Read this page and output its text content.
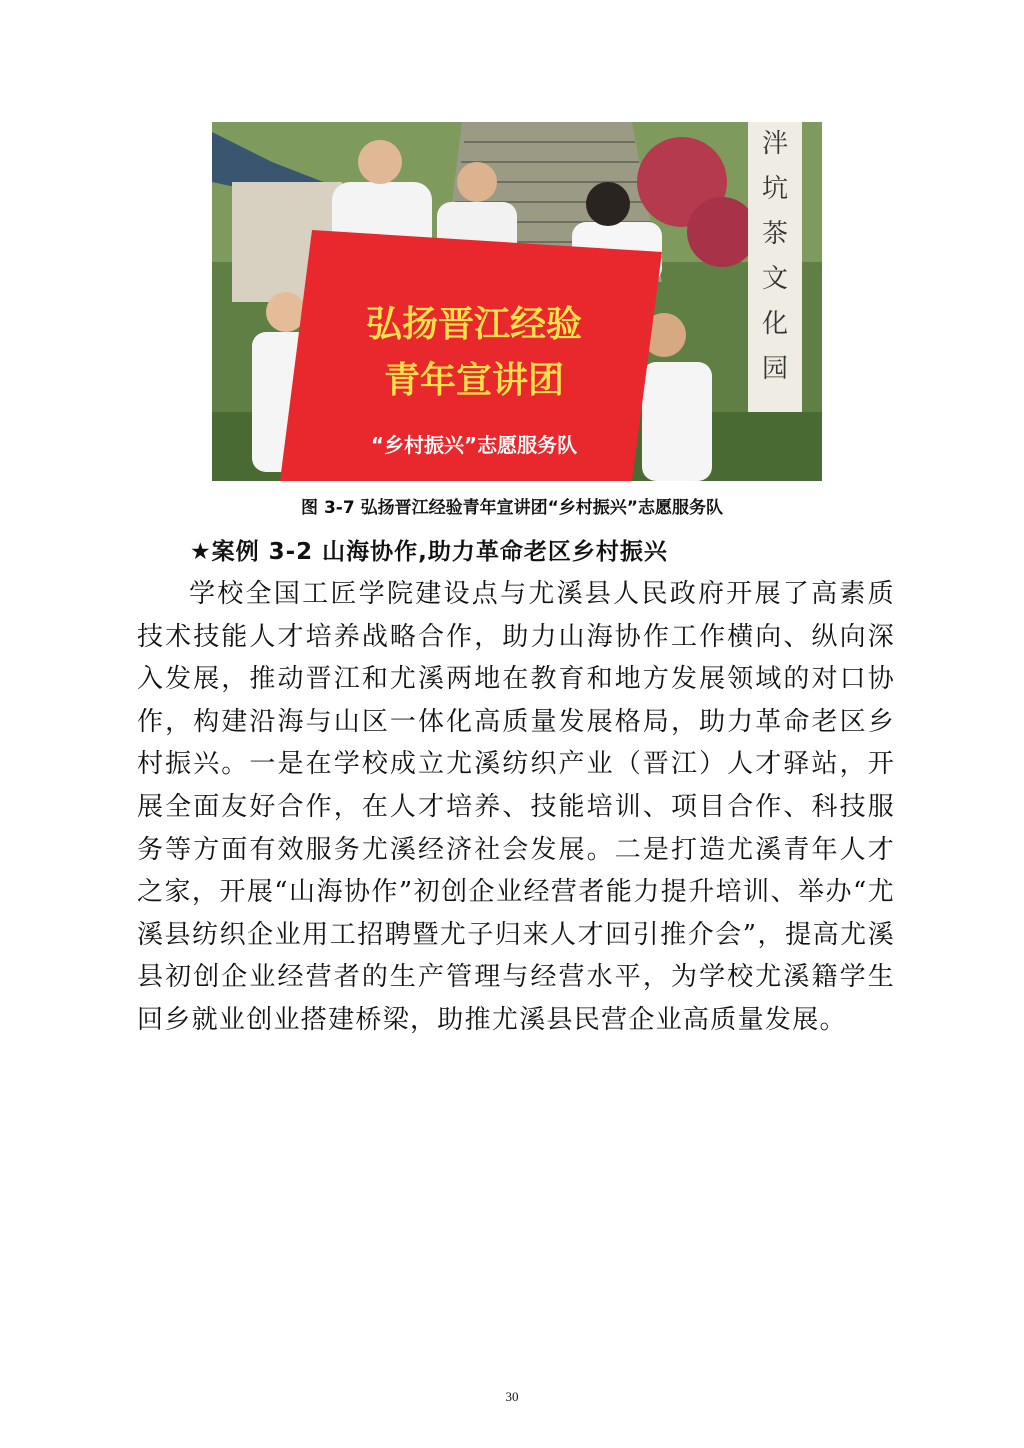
泮
坑
茶
文
化
园
弘扬晋江经验
青年宣讲团
“乡村振兴”志愿服务队
图 3-7 弘扬晋江经验青年宣讲团“乡村振兴”志愿服务队
★案例 3-2 山海协作,助力革命老区乡村振兴

学校全国工匠学院建设点与尤溪县人民政府开展了高素质技术技能人才培养战略合作，助力山海协作工作横向、纵向深入发展，推动晋江和尤溪两地在教育和地方发展领域的对口协作，构建沿海与山区一体化高质量发展格局，助力革命老区乡村振兴。一是在学校成立尤溪纺织产业（晋江）人才驿站，开展全面友好合作，在人才培养、技能培训、项目合作、科技服务等方面有效服务尤溪经济社会发展。二是打造尤溪青年人才之家，开展“山海协作”初创企业经营者能力提升培训、举办“尤溪县纺织企业用工招聘暨尤子归来人才回引推介会”，提高尤溪县初创企业经营者的生产管理与经营水平，为学校尤溪籍学生回乡就业创业搭建桥梁，助推尤溪县民营企业高质量发展。

30
